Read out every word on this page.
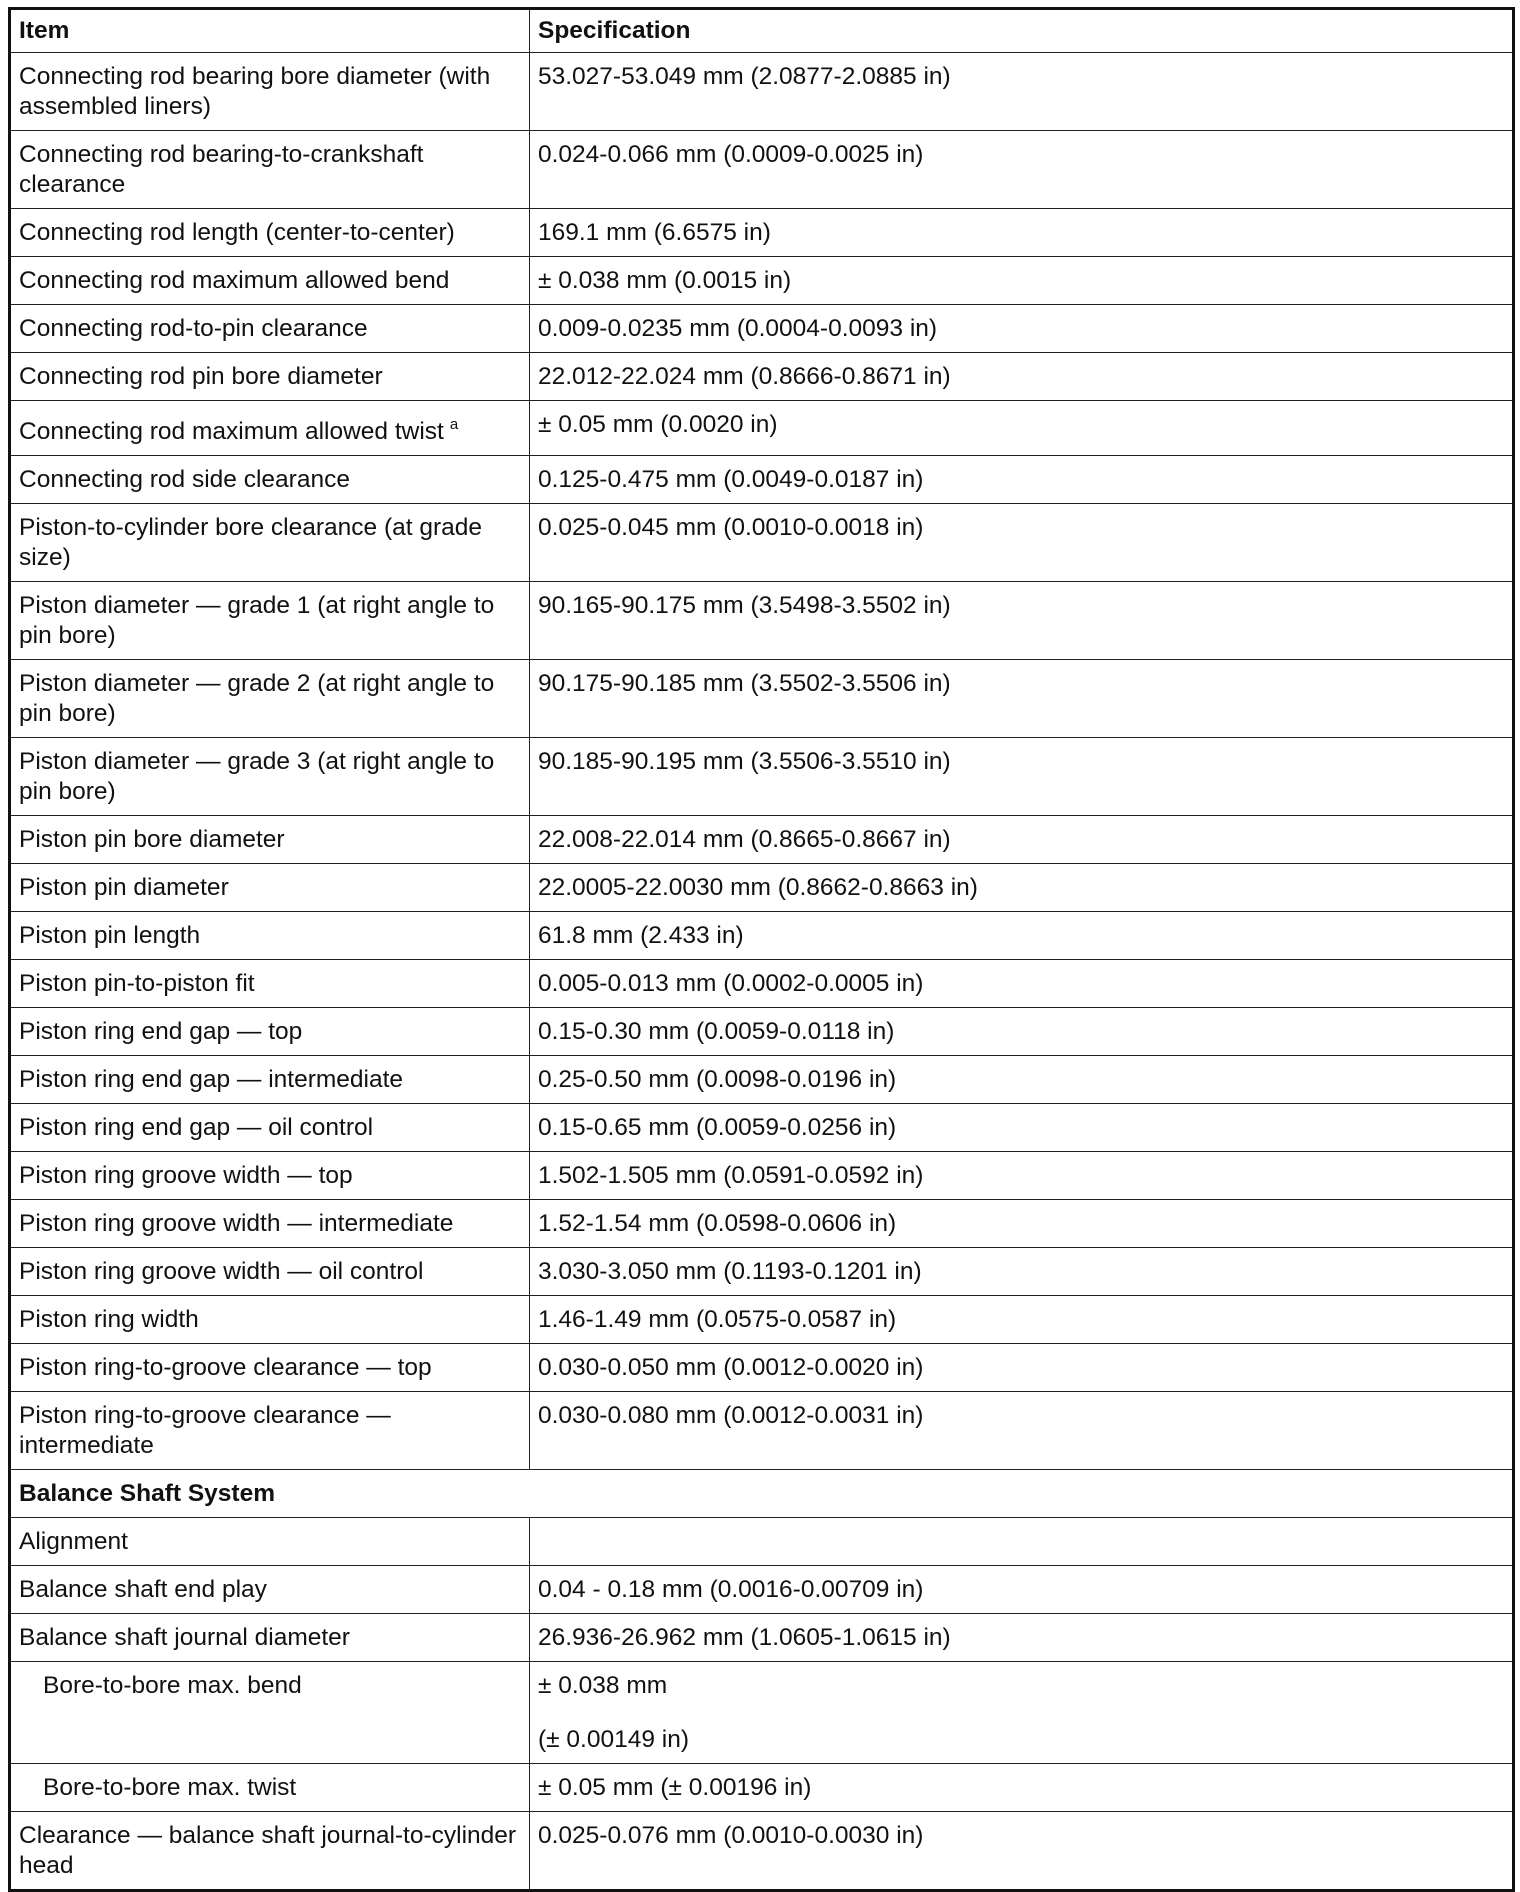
Item	Specification
Connecting rod bearing bore diameter (with assembled liners)	53.027-53.049 mm (2.0877-2.0885 in)
Connecting rod bearing-to-crankshaft clearance	0.024-0.066 mm (0.0009-0.0025 in)
Connecting rod length (center-to-center)	169.1 mm (6.6575 in)
Connecting rod maximum allowed bend	± 0.038 mm (0.0015 in)
Connecting rod-to-pin clearance	0.009-0.0235 mm (0.0004-0.0093 in)
Connecting rod pin bore diameter	22.012-22.024 mm (0.8666-0.8671 in)
Connecting rod maximum allowed twist $^a$	± 0.05 mm (0.0020 in)
Connecting rod side clearance	0.125-0.475 mm (0.0049-0.0187 in)
Piston-to-cylinder bore clearance (at grade size)	0.025-0.045 mm (0.0010-0.0018 in)
Piston diameter — grade 1 (at right angle to pin bore)	90.165-90.175 mm (3.5498-3.5502 in)
Piston diameter — grade 2 (at right angle to pin bore)	90.175-90.185 mm (3.5502-3.5506 in)
Piston diameter — grade 3 (at right angle to pin bore)	90.185-90.195 mm (3.5506-3.5510 in)
Piston pin bore diameter	22.008-22.014 mm (0.8665-0.8667 in)
Piston pin diameter	22.0005-22.0030 mm (0.8662-0.8663 in)
Piston pin length	61.8 mm (2.433 in)
Piston pin-to-piston fit	0.005-0.013 mm (0.0002-0.0005 in)
Piston ring end gap — top	0.15-0.30 mm (0.0059-0.0118 in)
Piston ring end gap — intermediate	0.25-0.50 mm (0.0098-0.0196 in)
Piston ring end gap — oil control	0.15-0.65 mm (0.0059-0.0256 in)
Piston ring groove width — top	1.502-1.505 mm (0.0591-0.0592 in)
Piston ring groove width — intermediate	1.52-1.54 mm (0.0598-0.0606 in)
Piston ring groove width — oil control	3.030-3.050 mm (0.1193-0.1201 in)
Piston ring width	1.46-1.49 mm (0.0575-0.0587 in)
Piston ring-to-groove clearance — top	0.030-0.050 mm (0.0012-0.0020 in)
Piston ring-to-groove clearance — intermediate	0.030-0.080 mm (0.0012-0.0031 in)
Balance Shaft System	
Alignment	
Balance shaft end play	0.04 - 0.18 mm (0.0016-0.00709 in)
Balance shaft journal diameter	26.936-26.962 mm (1.0605-1.0615 in)
Bore-to-bore max. bend	± 0.038 mm
(± 0.00149 in)

Bore-to-bore max. twist	± 0.05 mm (± 0.00196 in)
Clearance — balance shaft journal-to-cylinder head	0.025-0.076 mm (0.0010-0.0030 in)
